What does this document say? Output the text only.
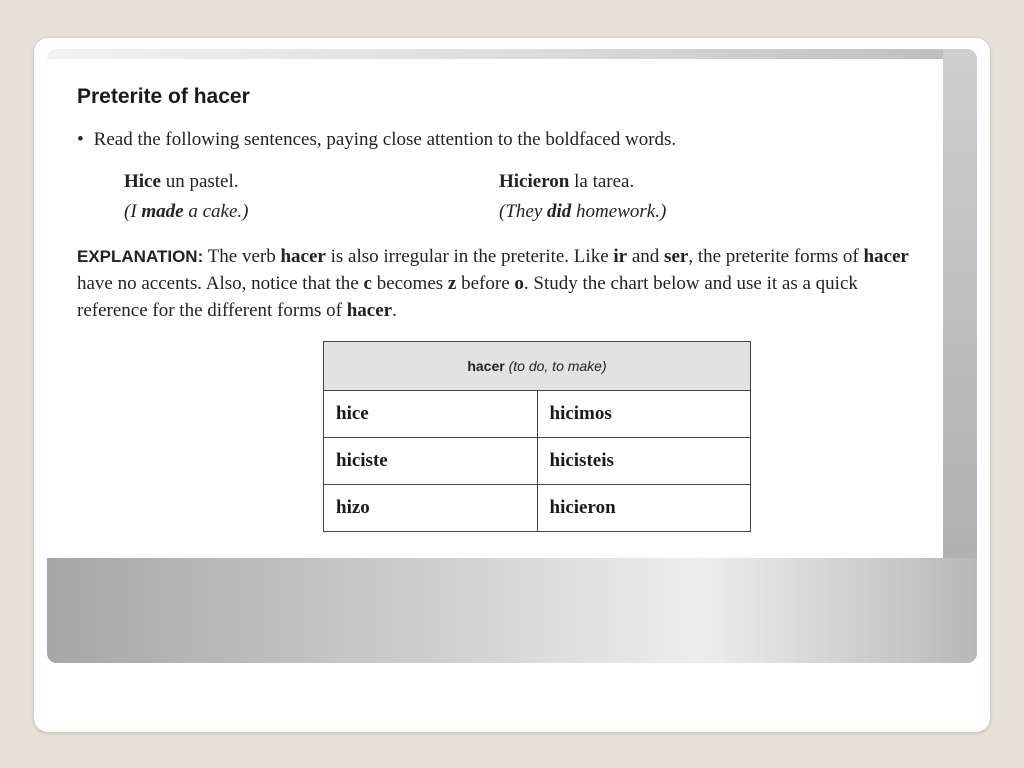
Preterite of hacer
• Read the following sentences, paying close attention to the boldfaced words.
Hice un pastel.
(I made a cake.)
Hicieron la tarea.
(They did homework.)
EXPLANATION: The verb hacer is also irregular in the preterite. Like ir and ser, the preterite forms of hacer have no accents. Also, notice that the c becomes z before o. Study the chart below and use it as a quick reference for the different forms of hacer.
hacer (to do, to make)	
hice	hicimos
hiciste	hicisteis
hizo	hicieron
